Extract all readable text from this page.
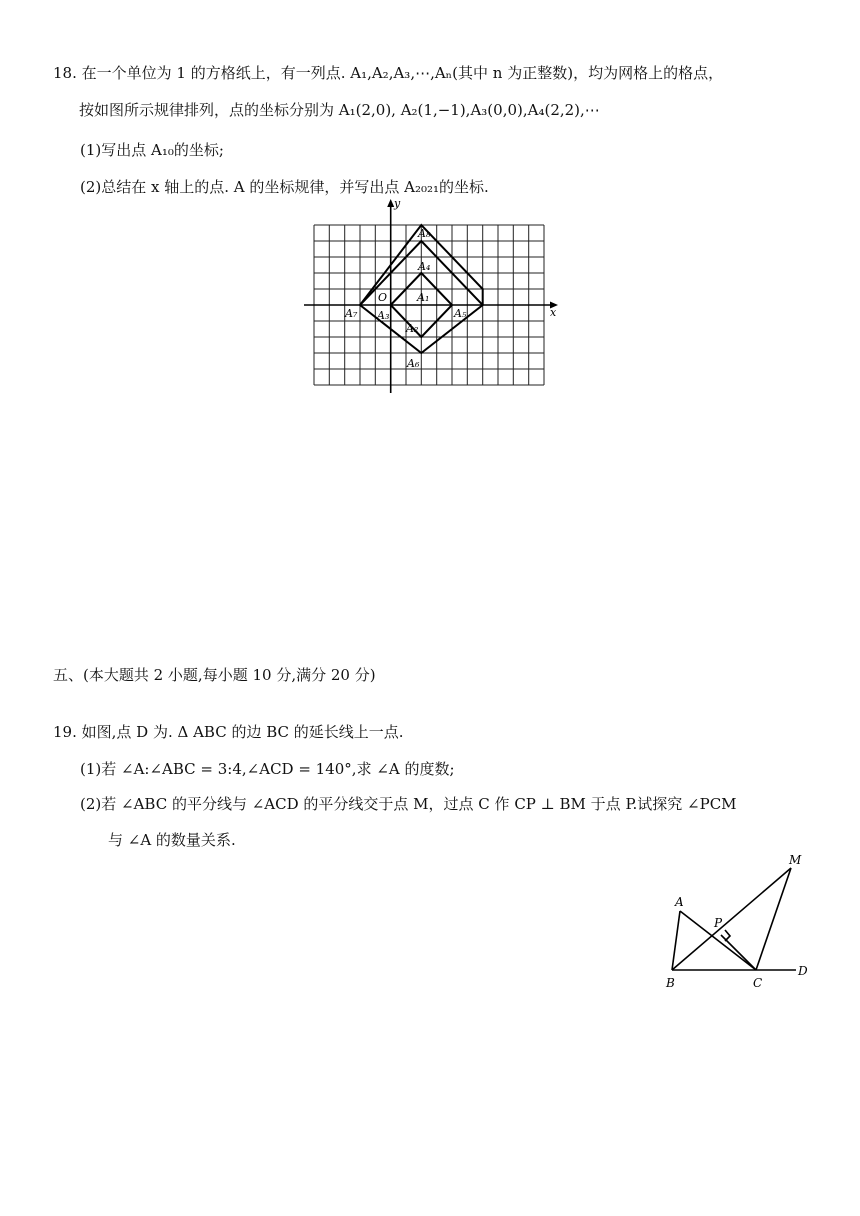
18. 在一个单位为 1 的方格纸上，有一列点. A₁,A₂,A₃,⋯,Aₙ(其中 n 为正整数)，均为网格上的格点，
按如图所示规律排列，点的坐标分别为 A₁(2,0), A₂(1,−1),A₃(0,0),A₄(2,2),⋯
(1)写出点 A₁₀的坐标;
(2)总结在 x 轴上的点. A 的坐标规律，并写出点 A₂₀₂₁的坐标.
y
x
O
A₈
A₄
A₁
A₇ A₃	A₅
A₂
A₆
五、(本大题共 2 小题,每小题 10 分,满分 20 分)
19. 如图,点 D 为. Δ ABC 的边 BC 的延长线上一点.
(1)若 ∠A:∠ABC = 3:4,∠ACD = 140°,求 ∠A 的度数;
(2)若 ∠ABC 的平分线与 ∠ACD 的平分线交于点 M，过点 C 作 CP ⊥ BM 于点 P.试探究 ∠PCM
与 ∠A 的数量关系.
M
A
P
B	C
D
